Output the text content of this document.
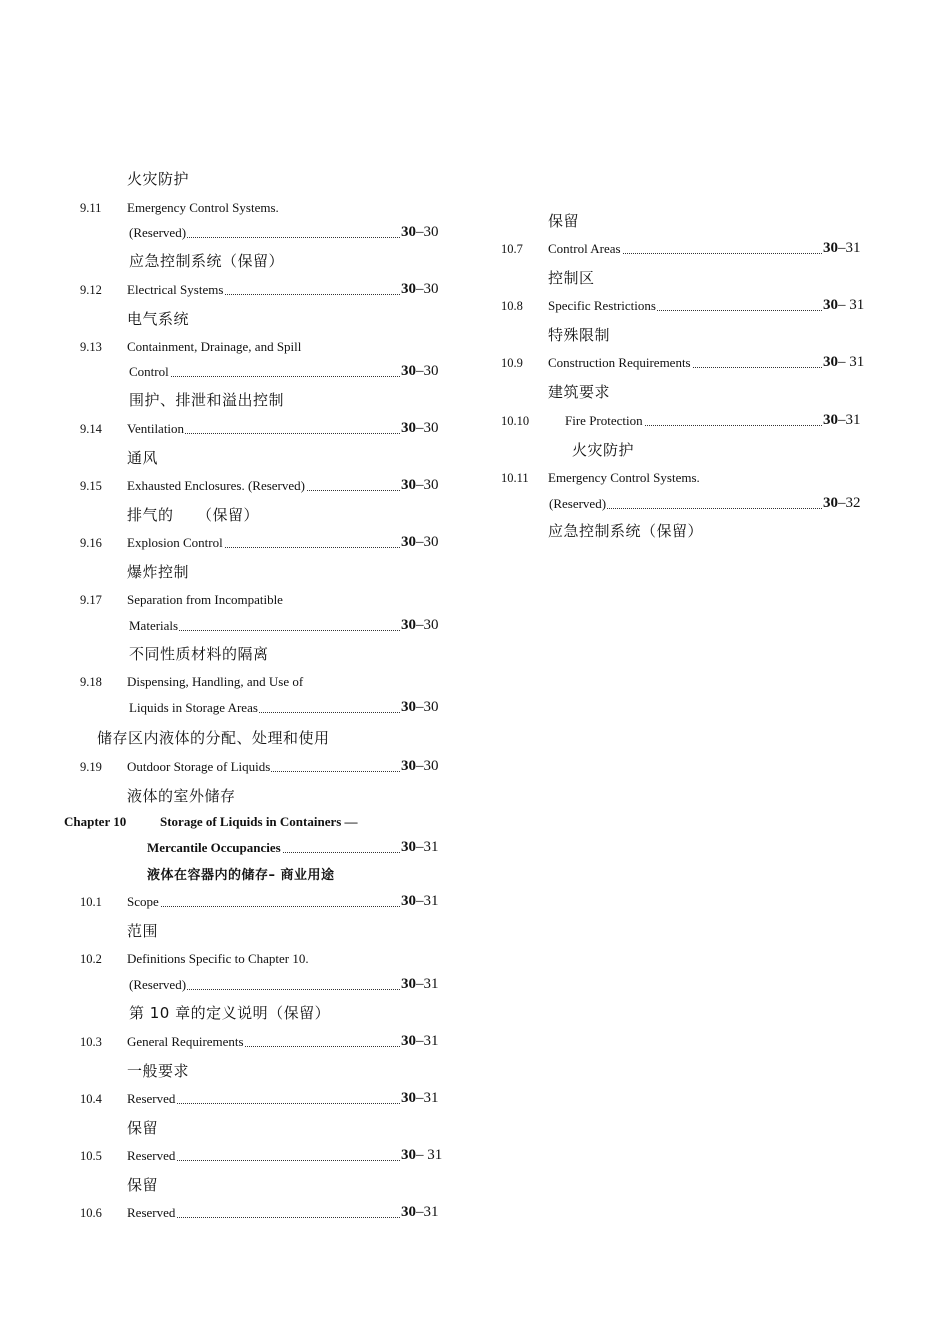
火灾防护
9.11 Emergency Control Systems.
(Reserved)	30–30
应急控制系统（保留）
9.12 Electrical Systems	30–30
电气系统
9.13 Containment, Drainage, and Spill
Control	30–30
围护、排泄和溢出控制
9.14 Ventilation	30–30
通风
9.15 Exhausted Enclosures. (Reserved)	30–30
排气的　　（保留）
9.16 Explosion Control	30–30
爆炸控制
9.17 Separation from Incompatible
Materials	30–30
不同性质材料的隔离
9.18 Dispensing, Handling, and Use of
Liquids in Storage Areas	30–30
储存区内液体的分配、处理和使用
9.19 Outdoor Storage of Liquids	30–30
液体的室外储存
Chapter 10	Storage of Liquids in Containers —
Mercantile Occupancies	30–31
液体在容器内的储存– 商业用途
10.1 Scope	30–31
范围
10.2 Definitions Specific to Chapter 10.
(Reserved)	30–31
第 10 章的定义说明（保留）
10.3 General Requirements	30–31
一般要求
10.4 Reserved	30–31
保留
10.5 Reserved	30– 31
保留
10.6 Reserved	30–31
保留
10.7 Control Areas	30–31
控制区
10.8 Specific Restrictions	30– 31
特殊限制
10.9 Construction Requirements	30– 31
建筑要求
10.10	Fire Protection	30–31
火灾防护
10.11 Emergency Control Systems.
(Reserved)	30–32
应急控制系统（保留）
